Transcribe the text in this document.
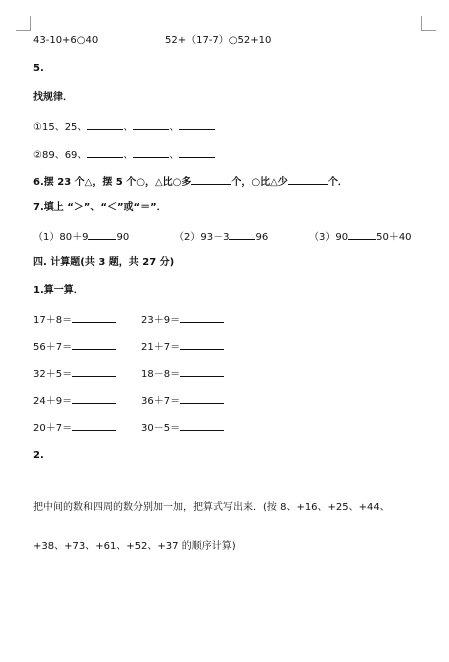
43-10+6○40	52+（17-7）○52+10
5.
找规律．
①15、25、	、	、
②89、69、	、	、
6.摆 23 个△，摆 5 个○，△比○多	个，○比△少	个．
7.填上 “＞”、“＜”或“＝”．
（1）80＋9	90	（2）93－3	96	（3）90	50＋40
四. 计算题(共 3 题，共 27 分)
1.算一算．
17＋8＝	23＋9＝
56＋7＝	21＋7＝
32＋5＝	18－8＝
24＋9＝	36＋7＝
20＋7＝	30－5＝
2.
把中间的数和四周的数分别加一加，把算式写出来．(按 8、+16、+25、+44、
+38、+73、+61、+52、+37 的顺序计算)
